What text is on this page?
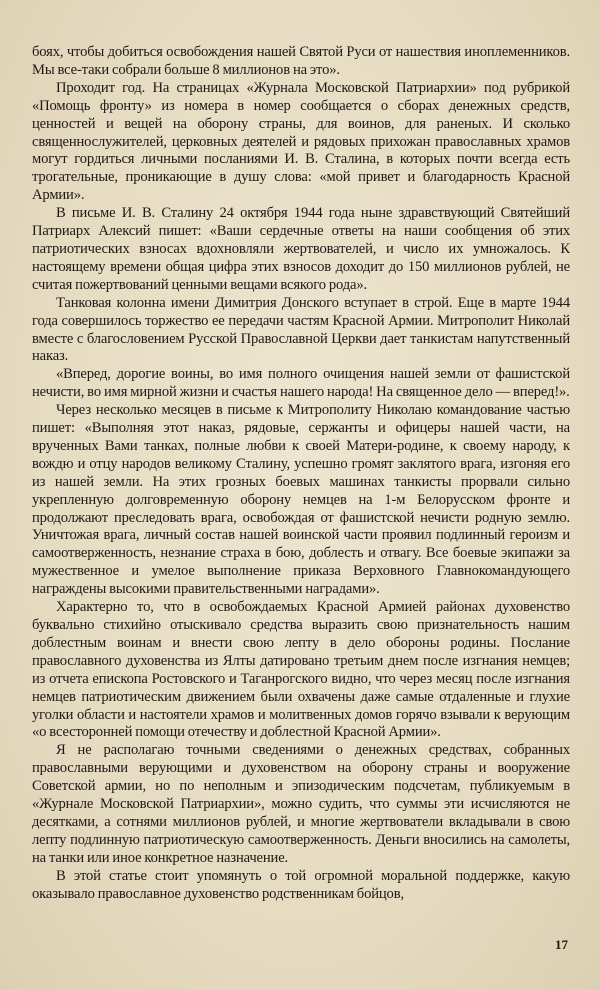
боях, чтобы добиться освобождения нашей Святой Руси от нашествия иноплеменников. Мы все-таки собрали больше 8 миллионов на это».

Проходит год. На страницах «Журнала Московской Патриархии» под рубрикой «Помощь фронту» из номера в номер сообщается о сборах денежных средств, ценностей и вещей на оборону страны, для воинов, для раненых. И сколько священнослужителей, церковных деятелей и рядовых прихожан православных храмов могут гордиться личными посланиями И. В. Сталина, в которых почти всегда есть трогательные, проникающие в душу слова: «мой привет и благодарность Красной Армии».

В письме И. В. Сталину 24 октября 1944 года ныне здравствующий Святейший Патриарх Алексий пишет: «Ваши сердечные ответы на наши сообщения об этих патриотических взносах вдохновляли жертвователей, и число их умножалось. К настоящему времени общая цифра этих взносов доходит до 150 миллионов рублей, не считая пожертвований ценными вещами всякого рода».

Танковая колонна имени Димитрия Донского вступает в строй. Еще в марте 1944 года совершилось торжество ее передачи частям Красной Армии. Митрополит Николай вместе с благословением Русской Православной Церкви дает танкистам напутственный наказ.

«Вперед, дорогие воины, во имя полного очищения нашей земли от фашистской нечисти, во имя мирной жизни и счастья нашего народа! На священное дело — вперед!».

Через несколько месяцев в письме к Митрополиту Николаю командование частью пишет: «Выполняя этот наказ, рядовые, сержанты и офицеры нашей части, на врученных Вами танках, полные любви к своей Матери-родине, к своему народу, к вождю и отцу народов великому Сталину, успешно громят заклятого врага, изгоняя его из нашей земли. На этих грозных боевых машинах танкисты прорвали сильно укрепленную долговременную оборону немцев на 1-м Белорусском фронте и продолжают преследовать врага, освобождая от фашистской нечисти родную землю. Уничтожая врага, личный состав нашей воинской части проявил подлинный героизм и самоотверженность, незнание страха в бою, доблесть и отвагу. Все боевые экипажи за мужественное и умелое выполнение приказа Верховного Главнокомандующего награждены высокими правительственными наградами».

Характерно то, что в освобождаемых Красной Армией районах духовенство буквально стихийно отыскивало средства выразить свою признательность нашим доблестным воинам и внести свою лепту в дело обороны родины. Послание православного духовенства из Ялты датировано третьим днем после изгнания немцев; из отчета епископа Ростовского и Таганрогского видно, что через месяц после изгнания немцев патриотическим движением были охвачены даже самые отдаленные и глухие уголки области и настоятели храмов и молитвенных домов горячо взывали к верующим «о всесторонней помощи отечеству и доблестной Красной Армии».

Я не располагаю точными сведениями о денежных средствах, собранных православными верующими и духовенством на оборону страны и вооружение Советской армии, но по неполным и эпизодическим подсчетам, публикуемым в «Журнале Московской Патриархии», можно судить, что суммы эти исчисляются не десятками, а сотнями миллионов рублей, и многие жертвователи вкладывали в свою лепту подлинную патриотическую самоотверженность. Деньги вносились на самолеты, на танки или иное конкретное назначение.

В этой статье стоит упомянуть о той огромной моральной поддержке, какую оказывало православное духовенство родственникам бойцов,

17
